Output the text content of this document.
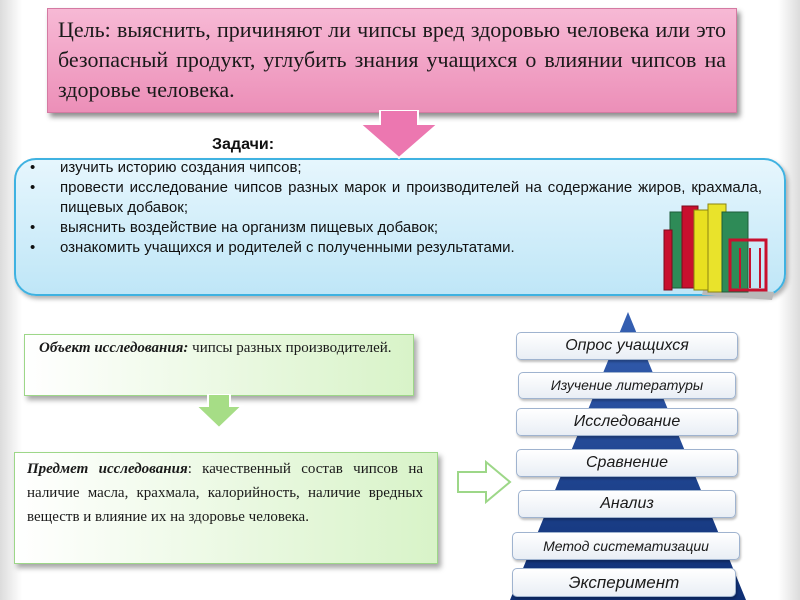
Задачи:
• изучить историю создания чипсов;
• провести исследование чипсов разных марок и производителей на содержание жиров, крахмала, пищевых добавок;
• выяснить воздействие на организм пищевых добавок;
• ознакомить учащихся и родителей с полученными результатами.
Цель: выяснить, причиняют ли чипсы вред здоровью человека или это безопасный продукт, углубить знания учащихся о влиянии чипсов на здоровье человека.
Объект исследования: чипсы разных производителей.
Предмет исследования: качественный состав чипсов на наличие масла, крахмала, калорийность, наличие вредных веществ и влияние их на здоровье человека.
Опрос учащихся
Изучение литературы
Исследование
Сравнение
Анализ
Метод систематизации
Эксперимент
